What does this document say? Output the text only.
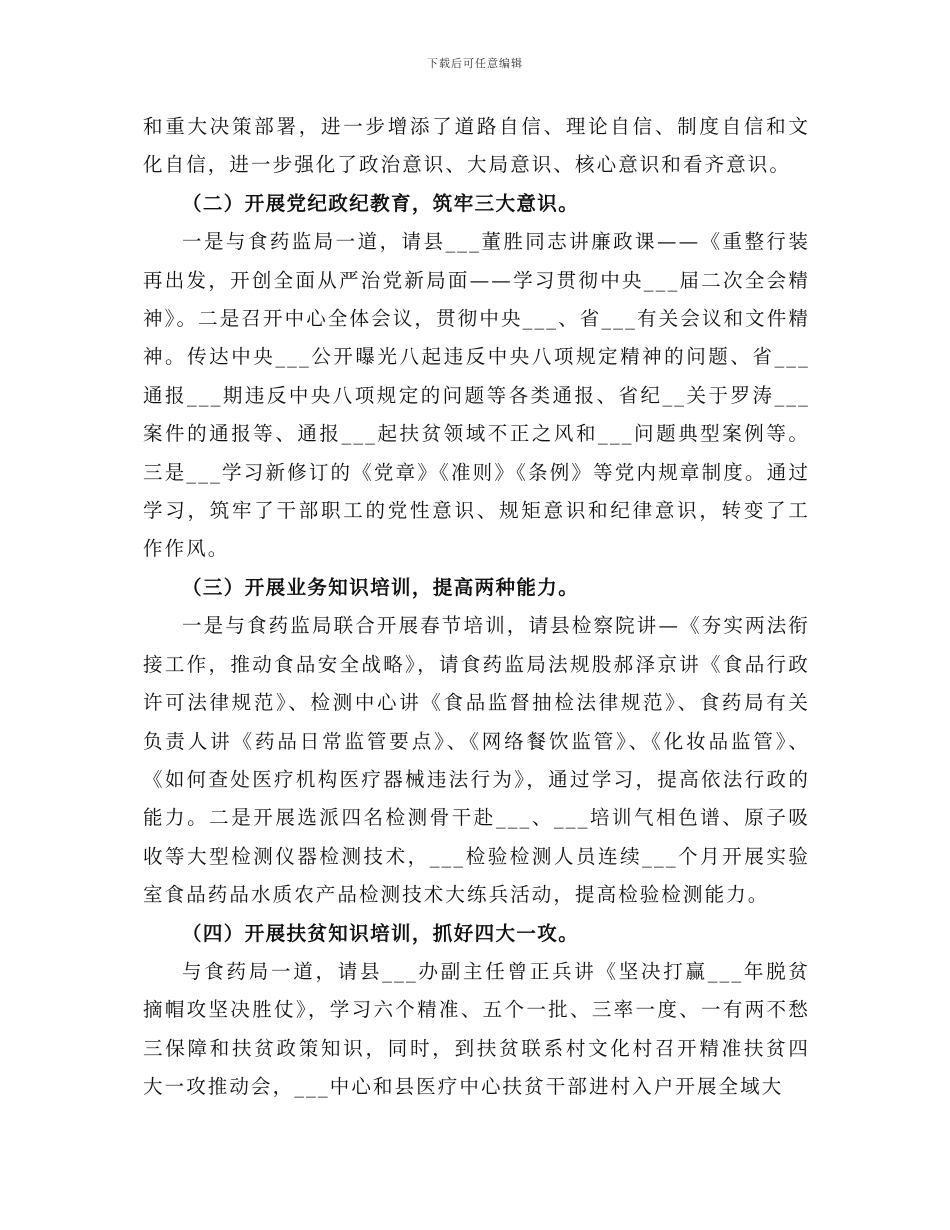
下载后可任意编辑

和重大决策部署，进一步增添了道路自信、理论自信、制度自信和文化自信，进一步强化了政治意识、大局意识、核心意识和看齐意识。

（二）开展党纪政纪教育，筑牢三大意识。

一是与食药监局一道，请县___董胜同志讲廉政课——《重整行装再出发，开创全面从严治党新局面——学习贯彻中央___届二次全会精神》。二是召开中心全体会议，贯彻中央___、省___有关会议和文件精神。传达中央___公开曝光八起违反中央八项规定精神的问题、省___通报___期违反中央八项规定的问题等各类通报、省纪__关于罗涛___案件的通报等、通报___起扶贫领域不正之风和___问题典型案例等。三是___学习新修订的《党章》《准则》《条例》等党内规章制度。通过学习，筑牢了干部职工的党性意识、规矩意识和纪律意识，转变了工作作风。

（三）开展业务知识培训，提高两种能力。

一是与食药监局联合开展春节培训，请县检察院讲—《夯实两法衔接工作，推动食品安全战略》，请食药监局法规股郝泽京讲《食品行政许可法律规范》、检测中心讲《食品监督抽检法律规范》、食药局有关负责人讲《药品日常监管要点》、《网络餐饮监管》、《化妆品监管》、《如何查处医疗机构医疗器械违法行为》，通过学习，提高依法行政的能力。二是开展选派四名检测骨干赴___、___培训气相色谱、原子吸收等大型检测仪器检测技术，___检验检测人员连续___个月开展实验室食品药品水质农产品检测技术大练兵活动，提高检验检测能力。

（四）开展扶贫知识培训，抓好四大一攻。

与食药局一道，请县___办副主任曾正兵讲《坚决打赢___年脱贫摘帽攻坚决胜仗》，学习六个精准、五个一批、三率一度、一有两不愁三保障和扶贫政策知识，同时，到扶贫联系村文化村召开精准扶贫四大一攻推动会，___中心和县医疗中心扶贫干部进村入户开展全域大
